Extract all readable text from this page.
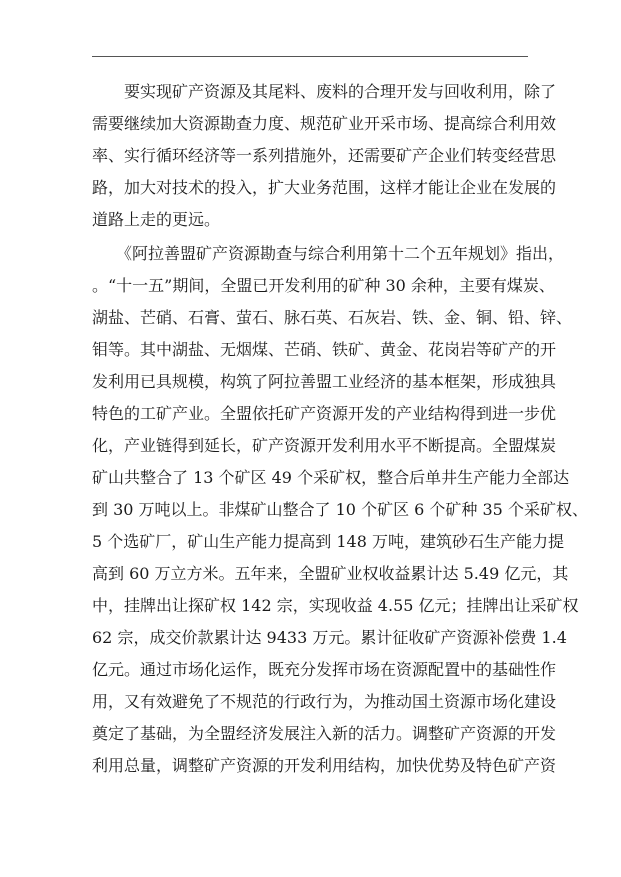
　　要实现矿产资源及其尾料、废料的合理开发与回收利用，除了
需要继续加大资源勘查力度、规范矿业开采市场、提高综合利用效
率、实行循环经济等一系列措施外，还需要矿产企业们转变经营思
路，加大对技术的投入，扩大业务范围，这样才能让企业在发展的
道路上走的更远。
　　《阿拉善盟矿产资源勘查与综合利用第十二个五年规划》指出，
。“十一五”期间，全盟已开发利用的矿种 30 余种，主要有煤炭、
湖盐、芒硝、石膏、萤石、脉石英、石灰岩、铁、金、铜、铅、锌、
钼等。其中湖盐、无烟煤、芒硝、铁矿、黄金、花岗岩等矿产的开
发利用已具规模，构筑了阿拉善盟工业经济的基本框架，形成独具
特色的工矿产业。全盟依托矿产资源开发的产业结构得到进一步优
化，产业链得到延长，矿产资源开发利用水平不断提高。全盟煤炭
矿山共整合了 13 个矿区 49 个采矿权，整合后单井生产能力全部达
到 30 万吨以上。非煤矿山整合了 10 个矿区 6 个矿种 35 个采矿权、
5 个选矿厂，矿山生产能力提高到 148 万吨，建筑砂石生产能力提
高到 60 万立方米。五年来，全盟矿业权收益累计达 5.49 亿元，其
中，挂牌出让探矿权 142 宗，实现收益 4.55 亿元；挂牌出让采矿权
62 宗，成交价款累计达 9433 万元。累计征收矿产资源补偿费 1.4
亿元。通过市场化运作，既充分发挥市场在资源配置中的基础性作
用，又有效避免了不规范的行政行为，为推动国土资源市场化建设
奠定了基础，为全盟经济发展注入新的活力。调整矿产资源的开发
利用总量，调整矿产资源的开发利用结构，加快优势及特色矿产资
